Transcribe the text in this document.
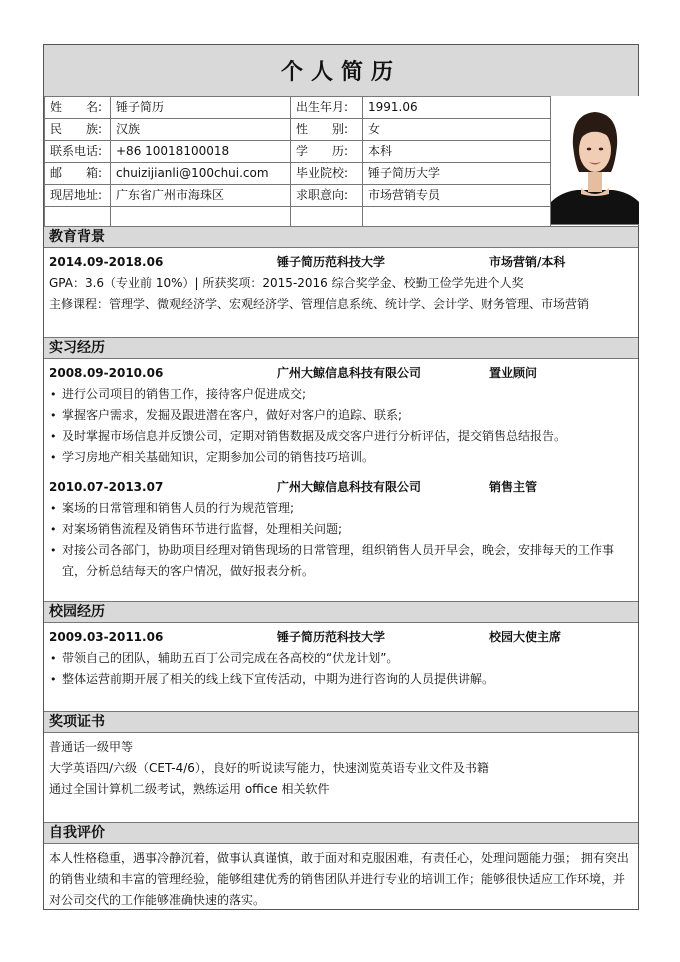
个人简历
姓　　名:	锤子简历	出生年月:	1991.06
民　　族:	汉族	性　　别:	女
联系电话:	+86 10018100018	学　　历:	本科
邮　　箱:	chuizijianli@100chui.com	毕业院校:	锤子简历大学
现居地址:	广东省广州市海珠区	求职意向:	市场营销专员

教育背景
2014.09-2018.06	锤子简历范科技大学	市场营销/本科
GPA：3.6（专业前 10%）| 所获奖项：2015-2016 综合奖学金、校勤工俭学先进个人奖
主修课程：管理学、微观经济学、宏观经济学、管理信息系统、统计学、会计学、财务管理、市场营销
实习经历
2008.09-2010.06	广州大鲸信息科技有限公司	置业顾问
• 进行公司项目的销售工作，接待客户促进成交;
• 掌握客户需求，发掘及跟进潜在客户，做好对客户的追踪、联系;
• 及时掌握市场信息并反馈公司，定期对销售数据及成交客户进行分析评估，提交销售总结报告。
• 学习房地产相关基础知识，定期参加公司的销售技巧培训。
2010.07-2013.07	广州大鲸信息科技有限公司	销售主管
• 案场的日常管理和销售人员的行为规范管理;
• 对案场销售流程及销售环节进行监督，处理相关问题;
• 对接公司各部门，协助项目经理对销售现场的日常管理，组织销售人员开早会，晚会，安排每天的工作事宜，分析总结每天的客户情况，做好报表分析。
校园经历
2009.03-2011.06	锤子简历范科技大学	校园大使主席
• 带领自己的团队，辅助五百丁公司完成在各高校的“伏龙计划”。
• 整体运营前期开展了相关的线上线下宣传活动，中期为进行咨询的人员提供讲解。
奖项证书
普通话一级甲等
大学英语四/六级（CET-4/6），良好的听说读写能力，快速浏览英语专业文件及书籍
通过全国计算机二级考试，熟练运用 office 相关软件
自我评价
本人性格稳重，遇事冷静沉着，做事认真谨慎，敢于面对和克服困难，有责任心，处理问题能力强； 拥有突出的销售业绩和丰富的管理经验，能够组建优秀的销售团队并进行专业的培训工作；能够很快适应工作环境，并对公司交代的工作能够准确快速的落实。
